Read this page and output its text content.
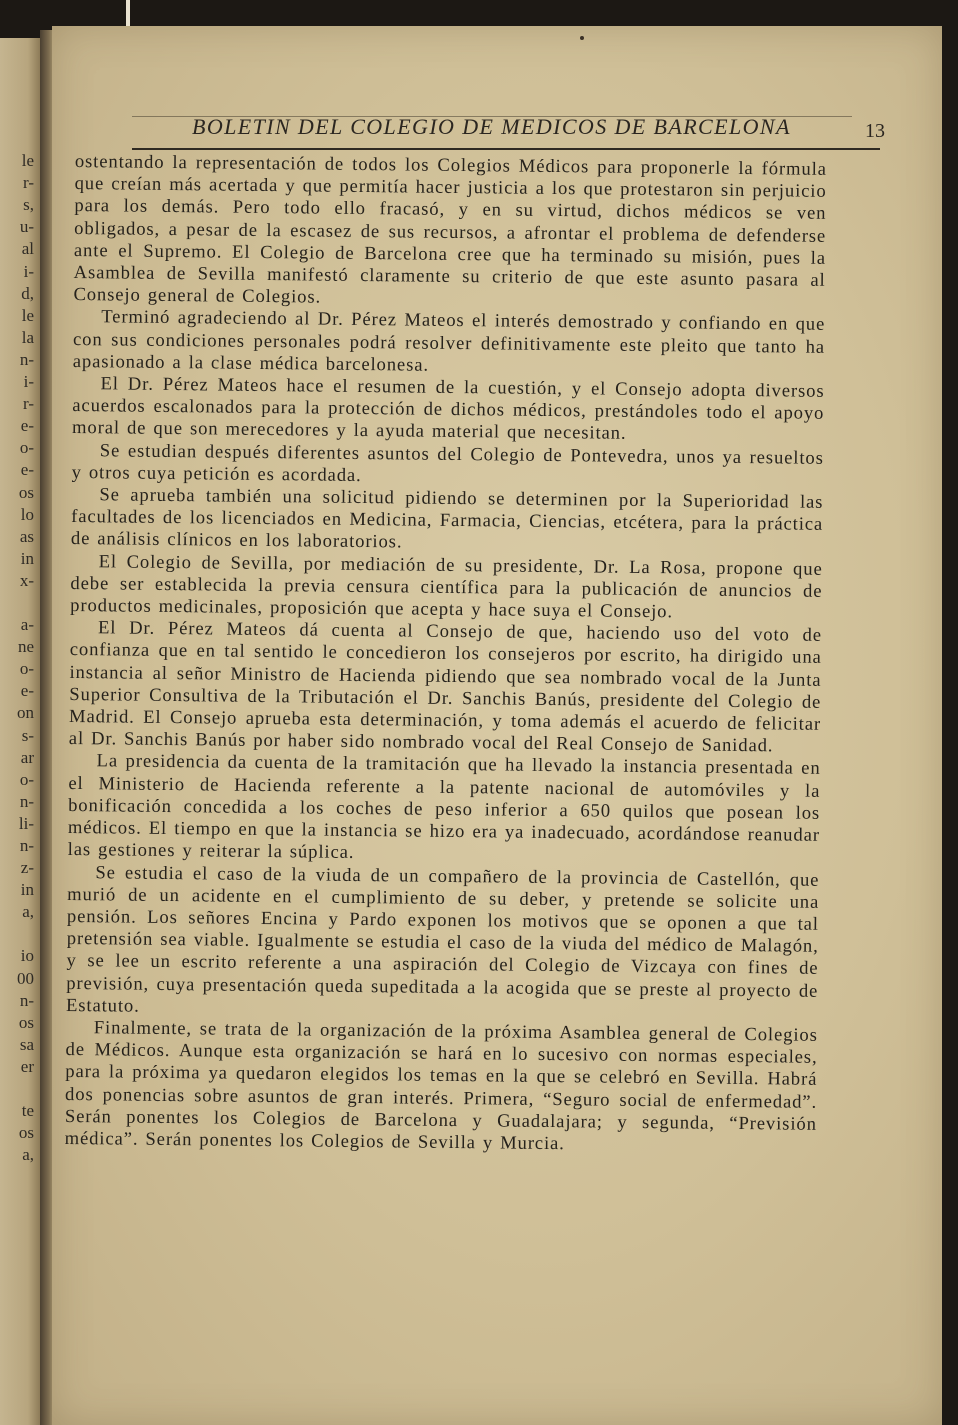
le
r-
s,
u-
al
i-
d,
le
la
n-
i-
r-
e-
o-
e-
os
lo
as
in
x-
a-
ne
o-
e-
on
s-
ar
o-
n-
li-
n-
z-
in
a,
io
00
n-
os
sa
er
te
os
a,
BOLETIN DEL COLEGIO DE MEDICOS DE BARCELONA	13

ostentando la representación de todos los Colegios Médicos para proponerle la fórmula que creían más acertada y que permitía hacer justicia a los que protestaron sin perjuicio para los demás. Pero todo ello fracasó, y en su virtud, dichos médicos se ven obligados, a pesar de la escasez de sus recursos, a afrontar el problema de defenderse ante el Supremo. El Colegio de Barcelona cree que ha terminado su misión, pues la Asamblea de Sevilla manifestó claramente su criterio de que este asunto pasara al Consejo general de Colegios.

Terminó agradeciendo al Dr. Pérez Mateos el interés demostrado y confiando en que con sus condiciones personales podrá resolver definitivamente este pleito que tanto ha apasionado a la clase médica barcelonesa.

El Dr. Pérez Mateos hace el resumen de la cuestión, y el Consejo adopta diversos acuerdos escalonados para la protección de dichos médicos, prestándoles todo el apoyo moral de que son merecedores y la ayuda material que necesitan.

Se estudian después diferentes asuntos del Colegio de Pontevedra, unos ya resueltos y otros cuya petición es acordada.

Se aprueba también una solicitud pidiendo se determinen por la Superioridad las facultades de los licenciados en Medicina, Farmacia, Ciencias, etcétera, para la práctica de análisis clínicos en los laboratorios.

El Colegio de Sevilla, por mediación de su presidente, Dr. La Rosa, propone que debe ser establecida la previa censura científica para la publicación de anuncios de productos medicinales, proposición que acepta y hace suya el Consejo.

El Dr. Pérez Mateos dá cuenta al Consejo de que, haciendo uso del voto de confianza que en tal sentido le concedieron los consejeros por escrito, ha dirigido una instancia al señor Ministro de Hacienda pidiendo que sea nombrado vocal de la Junta Superior Consultiva de la Tributación el Dr. Sanchis Banús, presidente del Colegio de Madrid. El Consejo aprueba esta determinación, y toma además el acuerdo de felicitar al Dr. Sanchis Banús por haber sido nombrado vocal del Real Consejo de Sanidad.

La presidencia da cuenta de la tramitación que ha llevado la instancia presentada en el Ministerio de Hacienda referente a la patente nacional de automóviles y la bonificación concedida a los coches de peso inferior a 650 quilos que posean los médicos. El tiempo en que la instancia se hizo era ya inadecuado, acordándose reanudar las gestiones y reiterar la súplica.

Se estudia el caso de la viuda de un compañero de la provincia de Castellón, que murió de un acidente en el cumplimiento de su deber, y pretende se solicite una pensión. Los señores Encina y Pardo exponen los motivos que se oponen a que tal pretensión sea viable. Igualmente se estudia el caso de la viuda del médico de Malagón, y se lee un escrito referente a una aspiración del Colegio de Vizcaya con fines de previsión, cuya presentación queda supeditada a la acogida que se preste al proyecto de Estatuto.

Finalmente, se trata de la organización de la próxima Asamblea general de Colegios de Médicos. Aunque esta organización se hará en lo sucesivo con normas especiales, para la próxima ya quedaron elegidos los temas en la que se celebró en Sevilla. Habrá dos ponencias sobre asuntos de gran interés. Primera, “Seguro social de enfermedad”. Serán ponentes los Colegios de Barcelona y Guadalajara; y segunda, “Previsión médica”. Serán ponentes los Colegios de Sevilla y Murcia.
